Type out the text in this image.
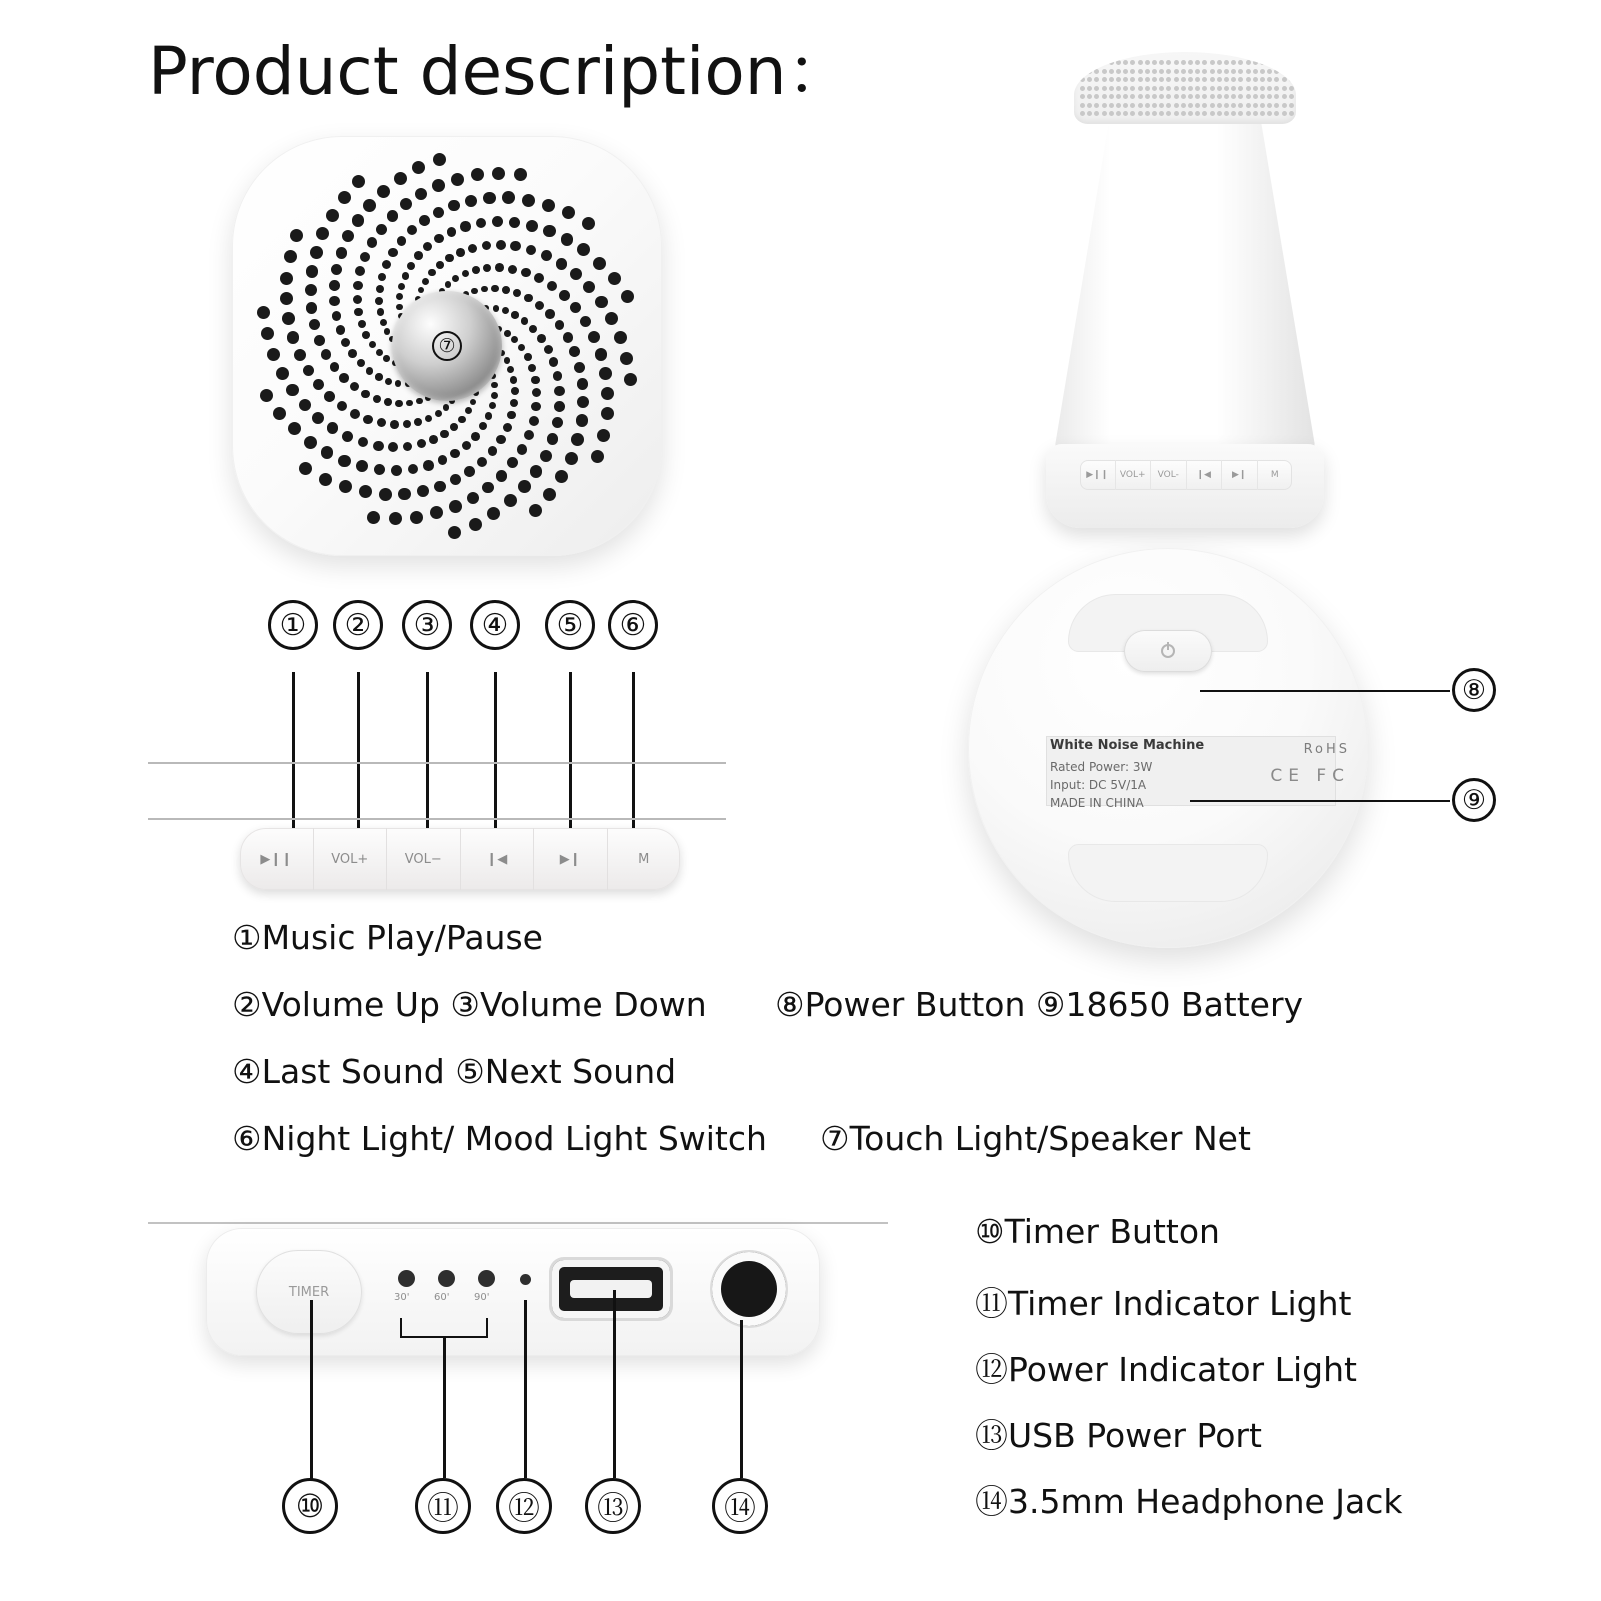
Product description：
⑦
①	②	③	④	⑤	⑥
▶❙❙	VOL+	VOL−	❙◀	▶❙	M
①Music Play/Pause
②Volume Up ③Volume Down
④Last Sound ⑤Next Sound
⑥Night Light/ Mood Light Switch
⑧Power Button ⑨18650 Battery
⑦Touch Light/Speaker Net
▶❙❙	VOL+	VOL-	❙◀	▶❙	M
White Noise Machine
Rated Power: 3W
Input: DC 5V/1A
MADE IN CHINA
RoHS
CE FC
⑧
⑨
TIMER	30' 60' 90'
⑩	⑪	⑫	⑬	⑭
⑩Timer Button
⑪Timer Indicator Light
⑫Power Indicator Light
⑬USB Power Port
⑭3.5mm Headphone Jack
